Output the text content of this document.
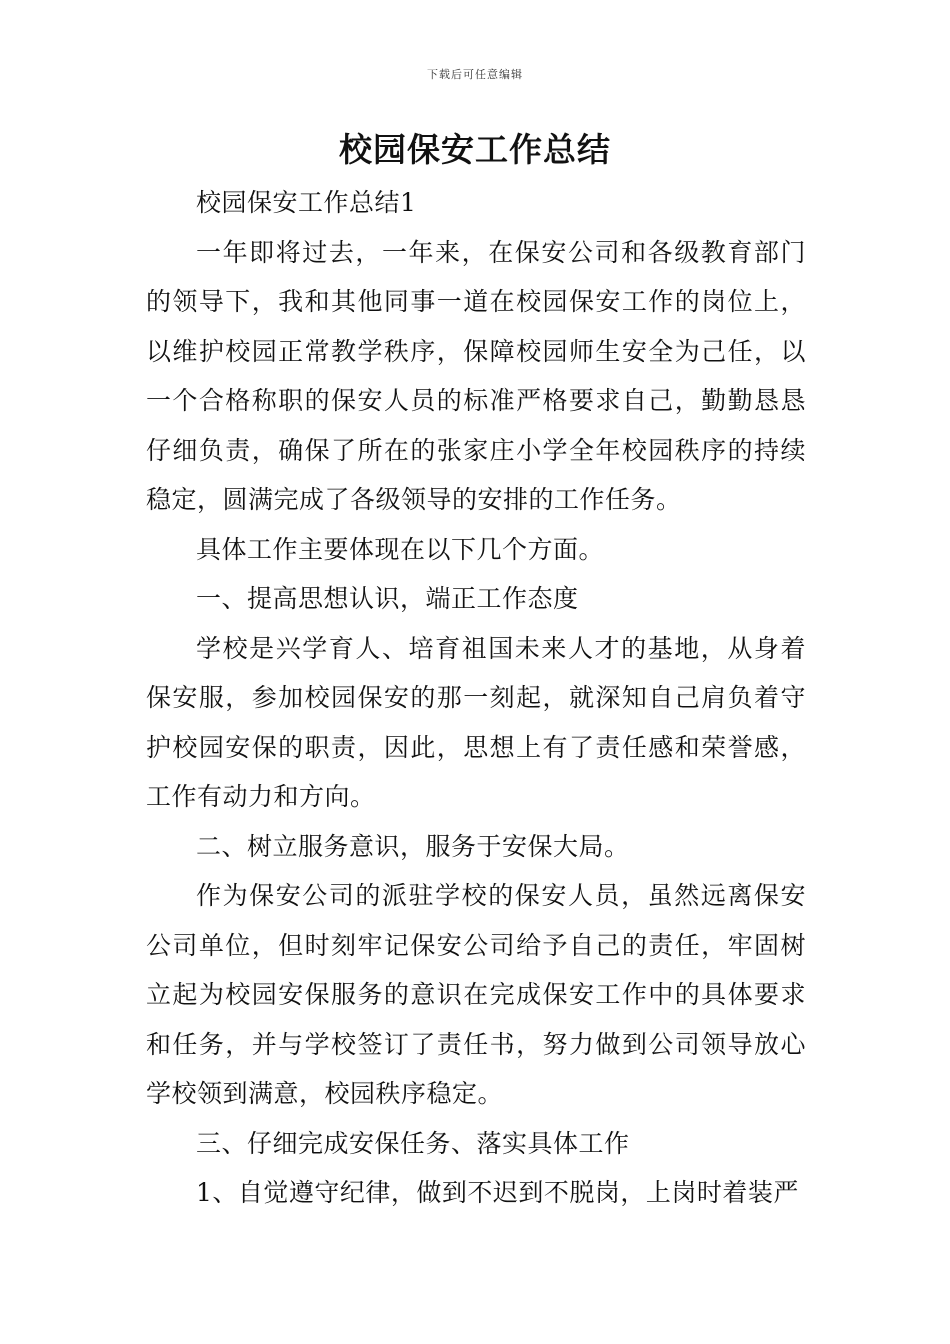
下载后可任意编辑
校园保安工作总结

校园保安工作总结1

一年即将过去，一年来，在保安公司和各级教育部门的领导下，我和其他同事一道在校园保安工作的岗位上，以维护校园正常教学秩序，保障校园师生安全为己任，以一个合格称职的保安人员的标准严格要求自己，勤勤恳恳仔细负责，确保了所在的张家庄小学全年校园秩序的持续稳定，圆满完成了各级领导的安排的工作任务。

具体工作主要体现在以下几个方面。

一、提高思想认识，端正工作态度

学校是兴学育人、培育祖国未来人才的基地，从身着保安服，参加校园保安的那一刻起，就深知自己肩负着守护校园安保的职责，因此，思想上有了责任感和荣誉感，工作有动力和方向。

二、树立服务意识，服务于安保大局。

作为保安公司的派驻学校的保安人员，虽然远离保安公司单位，但时刻牢记保安公司给予自己的责任，牢固树立起为校园安保服务的意识在完成保安工作中的具体要求和任务，并与学校签订了责任书，努力做到公司领导放心学校领到满意，校园秩序稳定。

三、仔细完成安保任务、落实具体工作

1、自觉遵守纪律，做到不迟到不脱岗，上岗时着装严
